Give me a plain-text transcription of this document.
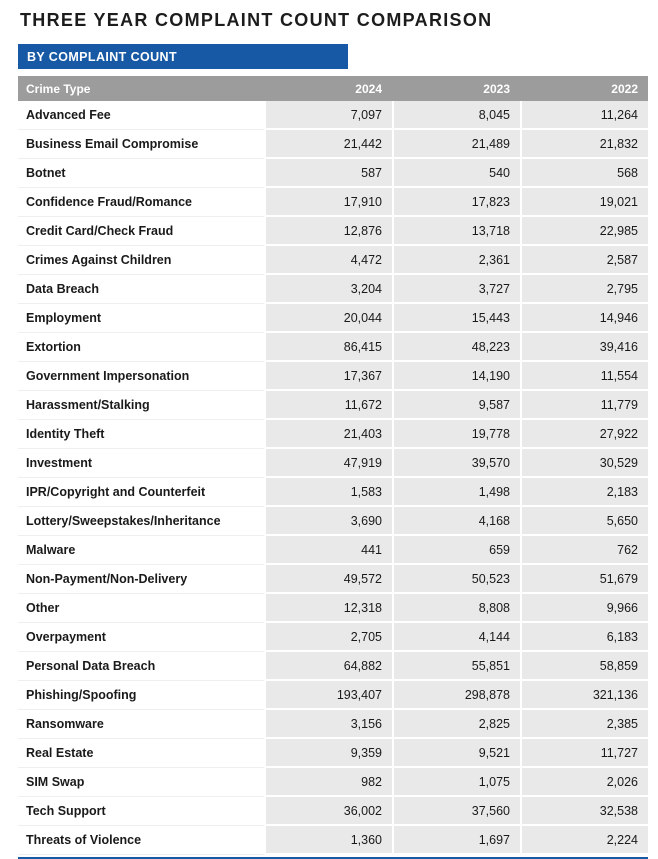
THREE YEAR COMPLAINT COUNT COMPARISON
BY COMPLAINT COUNT
Crime Type	2024	2023	2022
Advanced Fee	7,097	8,045	11,264
Business Email Compromise	21,442	21,489	21,832
Botnet	587	540	568
Confidence Fraud/Romance	17,910	17,823	19,021
Credit Card/Check Fraud	12,876	13,718	22,985
Crimes Against Children	4,472	2,361	2,587
Data Breach	3,204	3,727	2,795
Employment	20,044	15,443	14,946
Extortion	86,415	48,223	39,416
Government Impersonation	17,367	14,190	11,554
Harassment/Stalking	11,672	9,587	11,779
Identity Theft	21,403	19,778	27,922
Investment	47,919	39,570	30,529
IPR/Copyright and Counterfeit	1,583	1,498	2,183
Lottery/Sweepstakes/Inheritance	3,690	4,168	5,650
Malware	441	659	762
Non-Payment/Non-Delivery	49,572	50,523	51,679
Other	12,318	8,808	9,966
Overpayment	2,705	4,144	6,183
Personal Data Breach	64,882	55,851	58,859
Phishing/Spoofing	193,407	298,878	321,136
Ransomware	3,156	2,825	2,385
Real Estate	9,359	9,521	11,727
SIM Swap	982	1,075	2,026
Tech Support	36,002	37,560	32,538
Threats of Violence	1,360	1,697	2,224
